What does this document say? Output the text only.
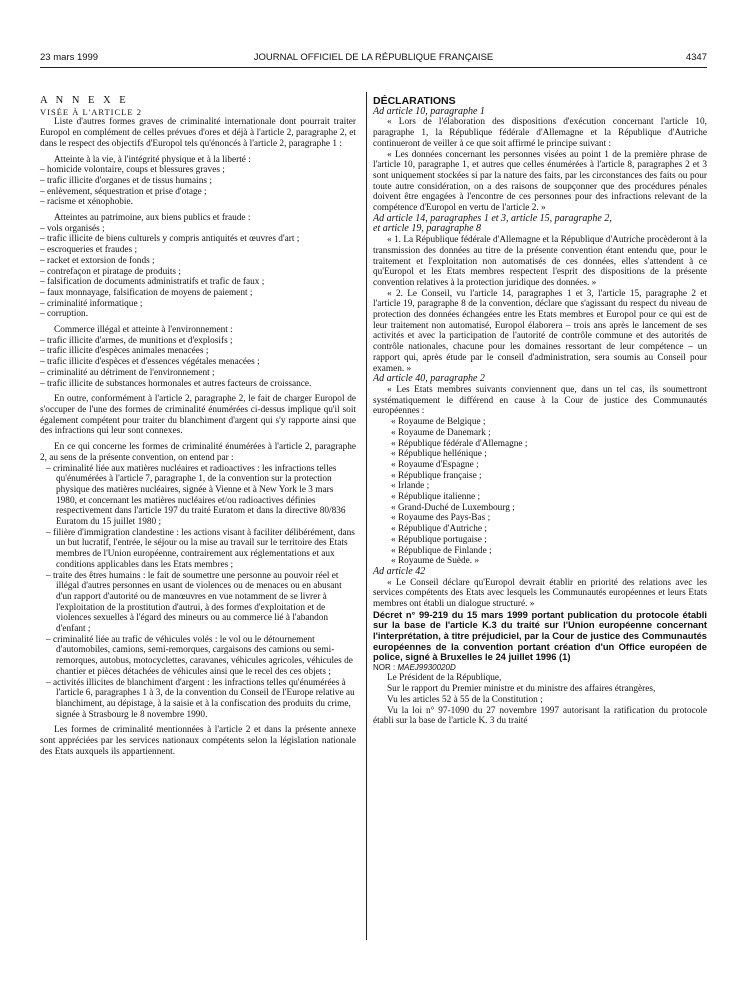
23 mars 1999	JOURNAL OFFICIEL DE LA RÉPUBLIQUE FRANÇAISE	4347

A N N E X E

VISÉE À L'ARTICLE 2

Liste d'autres formes graves de criminalité internationale dont pourrait traiter Europol en complément de celles prévues d'ores et déjà à l'article 2, paragraphe 2, et dans le respect des objectifs d'Europol tels qu'énoncés à l'article 2, paragraphe 1 :

Atteinte à la vie, à l'intégrité physique et à la liberté :

– homicide volontaire, coups et blessures graves ;
– trafic illicite d'organes et de tissus humains ;
– enlèvement, séquestration et prise d'otage ;
– racisme et xénophobie.

Atteintes au patrimoine, aux biens publics et fraude :

– vols organisés ;
– trafic illicite de biens culturels y compris antiquités et œuvres d'art ;
– escroqueries et fraudes ;
– racket et extorsion de fonds ;
– contrefaçon et piratage de produits ;
– falsification de documents administratifs et trafic de faux ;
– faux monnayage, falsification de moyens de paiement ;
– criminalité informatique ;
– corruption.

Commerce illégal et atteinte à l'environnement :

– trafic illicite d'armes, de munitions et d'explosifs ;
– trafic illicite d'espèces animales menacées ;
– trafic illicite d'espèces et d'essences végétales menacées ;
– criminalité au détriment de l'environnement ;
– trafic illicite de substances hormonales et autres facteurs de croissance.

En outre, conformément à l'article 2, paragraphe 2, le fait de charger Europol de s'occuper de l'une des formes de criminalité énumérées ci-dessus implique qu'il soit également compétent pour traiter du blanchiment d'argent qui s'y rapporte ainsi que des infractions qui leur sont connexes.

En ce qui concerne les formes de criminalité énumérées à l'article 2, paragraphe 2, au sens de la présente convention, on entend par :

– criminalité liée aux matières nucléaires et radioactives : les infractions telles qu'énumérées à l'article 7, paragraphe 1, de la convention sur la protection physique des matières nucléaires, signée à Vienne et à New York le 3 mars 1980, et concernant les matières nucléaires et/ou radioactives définies respectivement dans l'article 197 du traité Euratom et dans la directive 80/836 Euratom du 15 juillet 1980 ;
– filière d'immigration clandestine : les actions visant à faciliter délibérément, dans un but lucratif, l'entrée, le séjour ou la mise au travail sur le territoire des Etats membres de l'Union européenne, contrairement aux réglementations et aux conditions applicables dans les Etats membres ;
– traite des êtres humains : le fait de soumettre une personne au pouvoir réel et illégal d'autres personnes en usant de violences ou de menaces ou en abusant d'un rapport d'autorité ou de manœuvres en vue notamment de se livrer à l'exploitation de la prostitution d'autrui, à des formes d'exploitation et de violences sexuelles à l'égard des mineurs ou au commerce lié à l'abandon d'enfant ;
– criminalité liée au trafic de véhicules volés : le vol ou le détournement d'automobiles, camions, semi-remorques, cargaisons des camions ou semi-remorques, autobus, motocyclettes, caravanes, véhicules agricoles, véhicules de chantier et pièces détachées de véhicules ainsi que le recel des ces objets ;
– activités illicites de blanchiment d'argent : les infractions telles qu'énumérées à l'article 6, paragraphes 1 à 3, de la convention du Conseil de l'Europe relative au blanchiment, au dépistage, à la saisie et à la confiscation des produits du crime, signée à Strasbourg le 8 novembre 1990.

Les formes de criminalité mentionnées à l'article 2 et dans la présente annexe sont appréciées par les services nationaux compétents selon la législation nationale des Etats auxquels ils appartiennent.

DÉCLARATIONS

Ad article 10, paragraphe 1

« Lors de l'élaboration des dispositions d'exécution concernant l'article 10, paragraphe 1, la République fédérale d'Allemagne et la République d'Autriche continueront de veiller à ce que soit affirmé le principe suivant :

« Les données concernant les personnes visées au point 1 de la première phrase de l'article 10, paragraphe 1, et autres que celles énumérées à l'article 8, paragraphes 2 et 3 sont uniquement stockées si par la nature des faits, par les circonstances des faits ou pour toute autre considération, on a des raisons de soupçonner que des procédures pénales doivent être engagées à l'encontre de ces personnes pour des infractions relevant de la compétence d'Europol en vertu de l'article 2. »

Ad article 14, paragraphes 1 et 3, article 15, paragraphe 2,
et article 19, paragraphe 8

« 1. La République fédérale d'Allemagne et la République d'Autriche procèderont à la transmission des données au titre de la présente convention étant entendu que, pour le traitement et l'exploitation non automatisés de ces données, elles s'attendent à ce qu'Europol et les Etats membres respectent l'esprit des dispositions de la présente convention relatives à la protection juridique des données. »

« 2. Le Conseil, vu l'article 14, paragraphes 1 et 3, l'article 15, paragraphe 2 et l'article 19, paragraphe 8 de la convention, déclare que s'agissant du respect du niveau de protection des données échangées entre les Etats membres et Europol pour ce qui est de leur traitement non automatisé, Europol élaborera – trois ans après le lancement de ses activités et avec la participation de l'autorité de contrôle commune et des autorités de contrôle nationales, chacune pour les domaines ressortant de leur compétence – un rapport qui, après étude par le conseil d'administration, sera soumis au Conseil pour examen. »

Ad article 40, paragraphe 2

« Les Etats membres suivants conviennent que, dans un tel cas, ils soumettront systématiquement le différend en cause à la Cour de justice des Communautés européennes :

« Royaume de Belgique ;
« Royaume de Danemark ;
« République fédérale d'Allemagne ;
« République hellénique ;
« Royaume d'Espagne ;
« République française ;
« Irlande ;
« République italienne ;
« Grand-Duché de Luxembourg ;
« Royaume des Pays-Bas ;
« République d'Autriche ;
« République portugaise ;
« République de Finlande ;
« Royaume de Suède. »

Ad article 42

« Le Conseil déclare qu'Europol devrait établir en priorité des relations avec les services compétents des Etats avec lesquels les Communautés européennes et leurs Etats membres ont établi un dialogue structuré. »

Décret n° 99-219 du 15 mars 1999 portant publication du protocole établi sur la base de l'article K.3 du traité sur l'Union européenne concernant l'interprétation, à titre préjudiciel, par la Cour de justice des Communautés européennes de la convention portant création d'un Office européen de police, signé à Bruxelles le 24 juillet 1996 (1)

NOR : MAEJ9930020D

Le Président de la République,

Sur le rapport du Premier ministre et du ministre des affaires étrangères,

Vu les articles 52 à 55 de la Constitution ;

Vu la loi n° 97-1090 du 27 novembre 1997 autorisant la ratification du protocole établi sur la base de l'article K. 3 du traité
